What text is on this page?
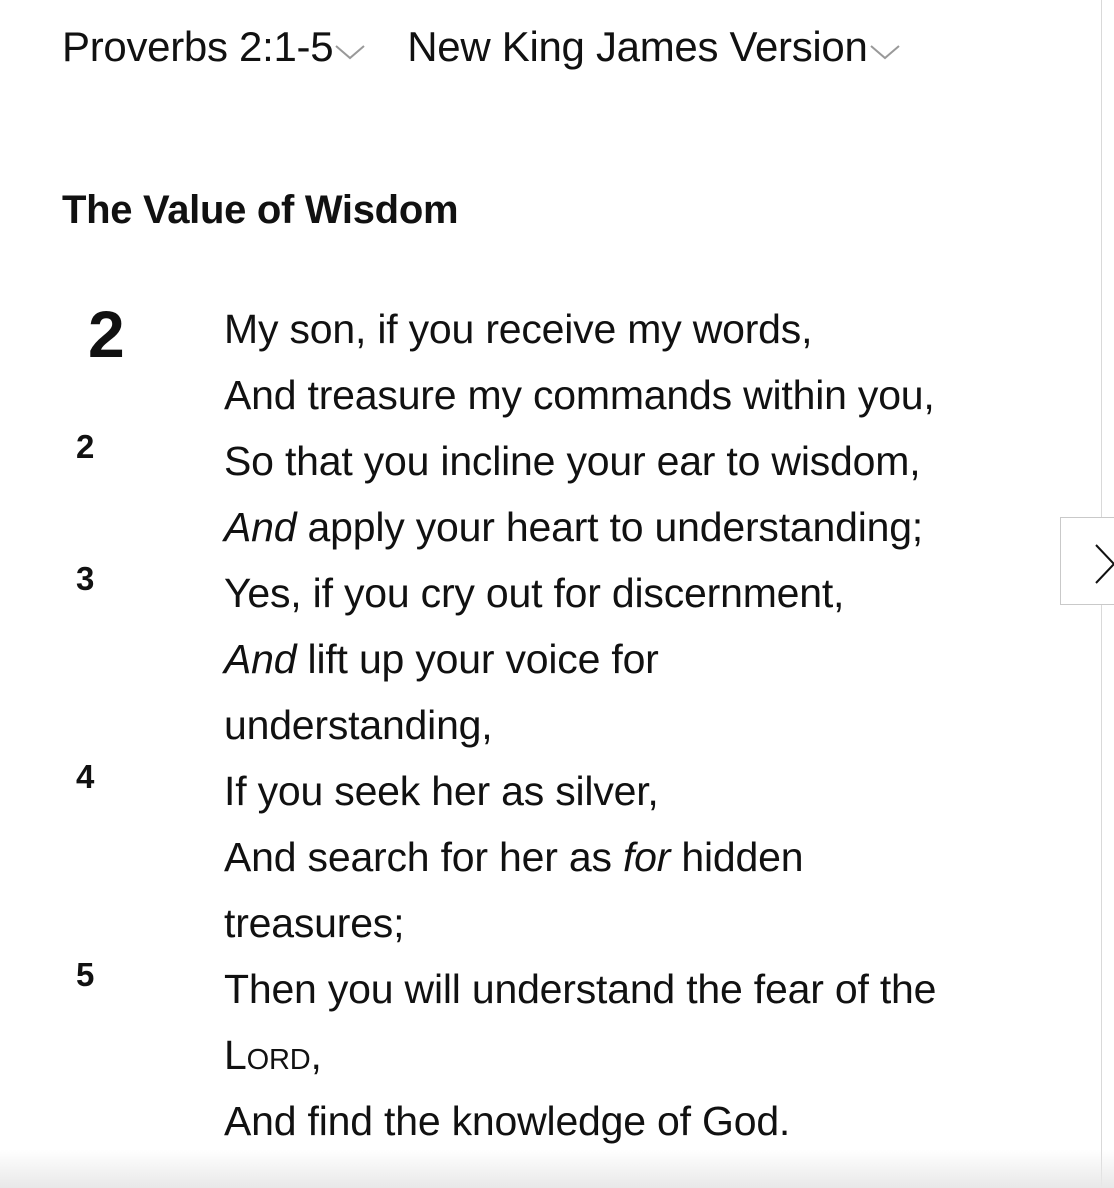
Proverbs 2:1-5 New King James Version
The Value of Wisdom
2 My son, if you receive my words,
And treasure my commands within you,
2	So that you incline your ear to wisdom,
And apply your heart to understanding;
3	Yes, if you cry out for discernment,
And lift up your voice for
understanding,
4	If you seek her as silver,
And search for her as for hidden
treasures;
5	Then you will understand the fear of the
Lord,
And find the knowledge of God.
